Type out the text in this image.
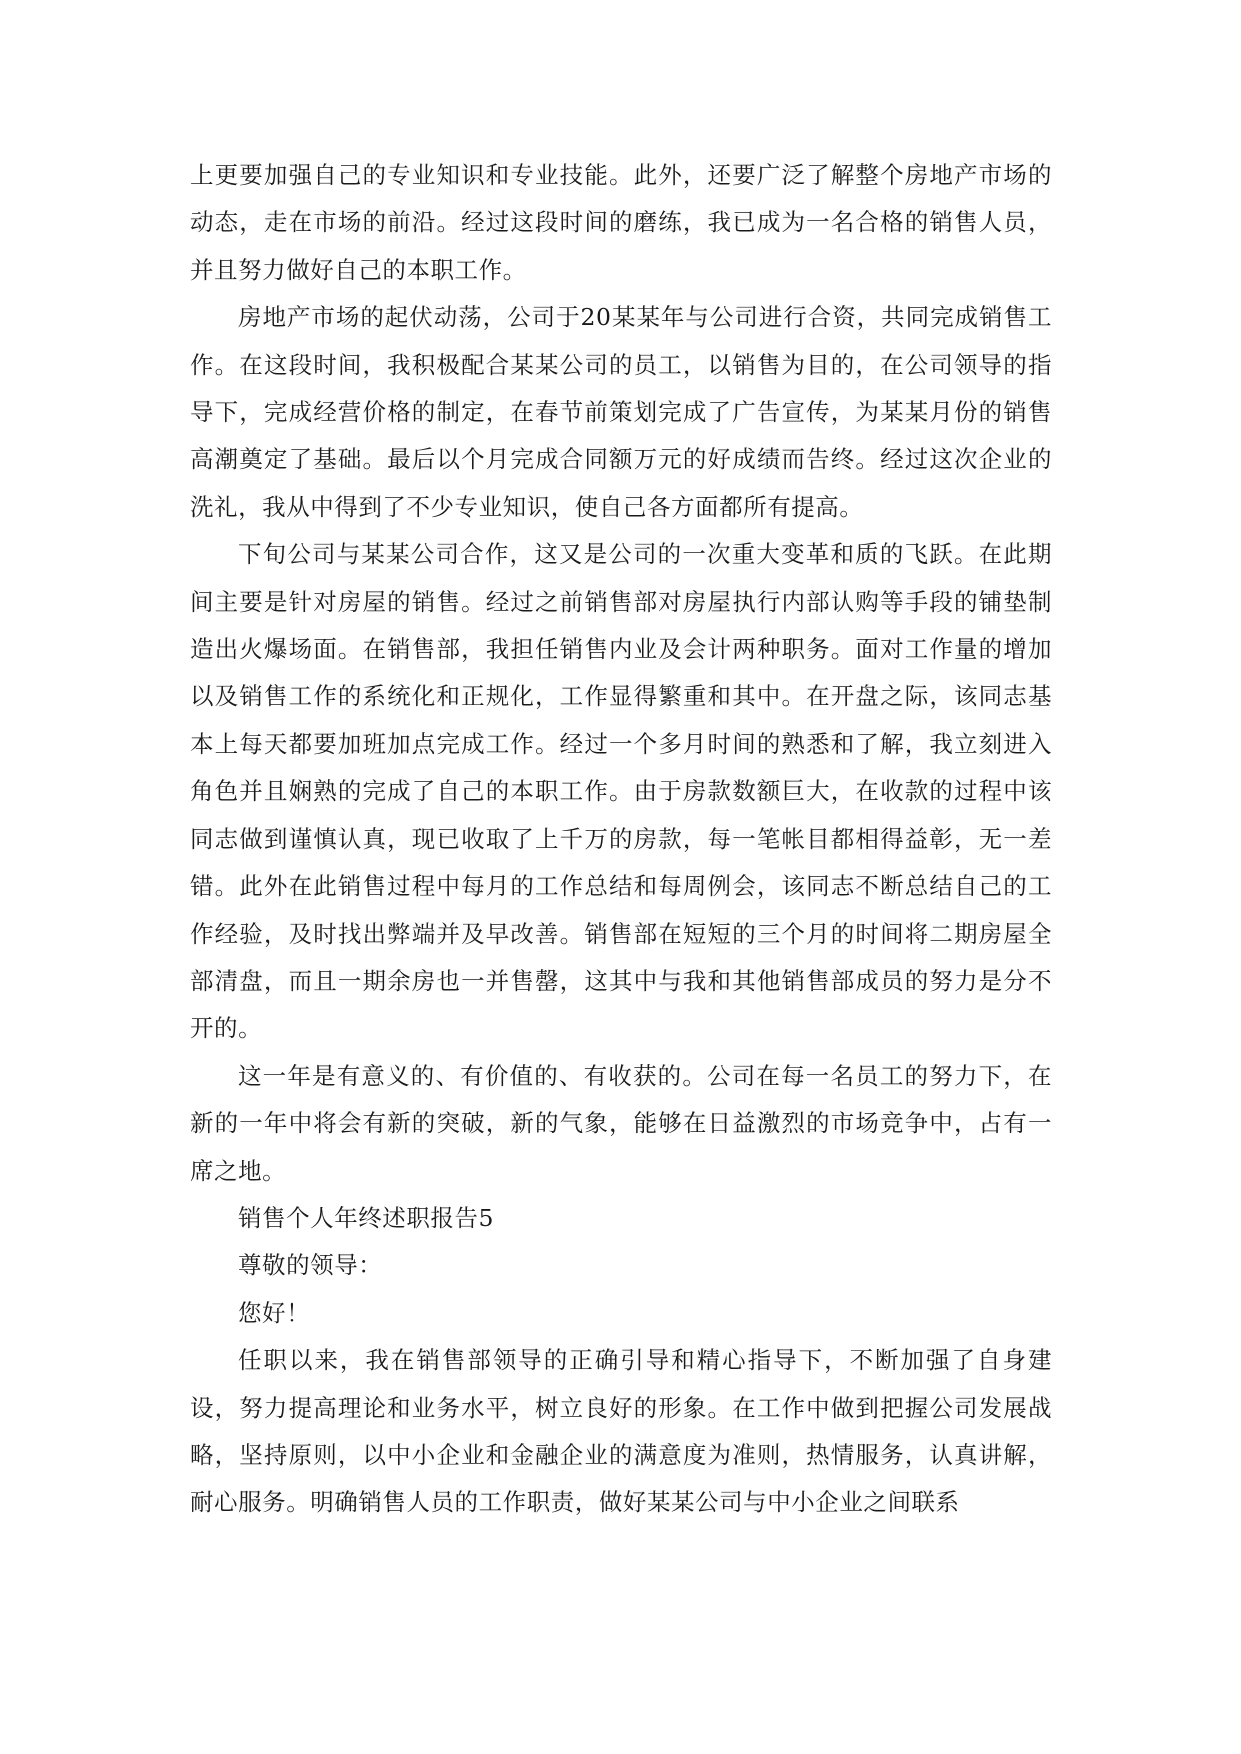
上更要加强自己的专业知识和专业技能。此外，还要广泛了解整个房地产市场的动态，走在市场的前沿。经过这段时间的磨练，我已成为一名合格的销售人员，并且努力做好自己的本职工作。

房地产市场的起伏动荡，公司于20某某年与公司进行合资，共同完成销售工作。在这段时间，我积极配合某某公司的员工，以销售为目的，在公司领导的指导下，完成经营价格的制定，在春节前策划完成了广告宣传，为某某月份的销售高潮奠定了基础。最后以个月完成合同额万元的好成绩而告终。经过这次企业的洗礼，我从中得到了不少专业知识，使自己各方面都所有提高。

下旬公司与某某公司合作，这又是公司的一次重大变革和质的飞跃。在此期间主要是针对房屋的销售。经过之前销售部对房屋执行内部认购等手段的铺垫制造出火爆场面。在销售部，我担任销售内业及会计两种职务。面对工作量的增加以及销售工作的系统化和正规化，工作显得繁重和其中。在开盘之际，该同志基本上每天都要加班加点完成工作。经过一个多月时间的熟悉和了解，我立刻进入角色并且娴熟的完成了自己的本职工作。由于房款数额巨大，在收款的过程中该同志做到谨慎认真，现已收取了上千万的房款，每一笔帐目都相得益彰，无一差错。此外在此销售过程中每月的工作总结和每周例会，该同志不断总结自己的工作经验，及时找出弊端并及早改善。销售部在短短的三个月的时间将二期房屋全部清盘，而且一期余房也一并售罄，这其中与我和其他销售部成员的努力是分不开的。

这一年是有意义的、有价值的、有收获的。公司在每一名员工的努力下，在新的一年中将会有新的突破，新的气象，能够在日益激烈的市场竞争中，占有一席之地。

销售个人年终述职报告5

尊敬的领导：

您好！

任职以来，我在销售部领导的正确引导和精心指导下，不断加强了自身建设，努力提高理论和业务水平，树立良好的形象。在工作中做到把握公司发展战略，坚持原则，以中小企业和金融企业的满意度为准则，热情服务，认真讲解，耐心服务。明确销售人员的工作职责，做好某某公司与中小企业之间联系
